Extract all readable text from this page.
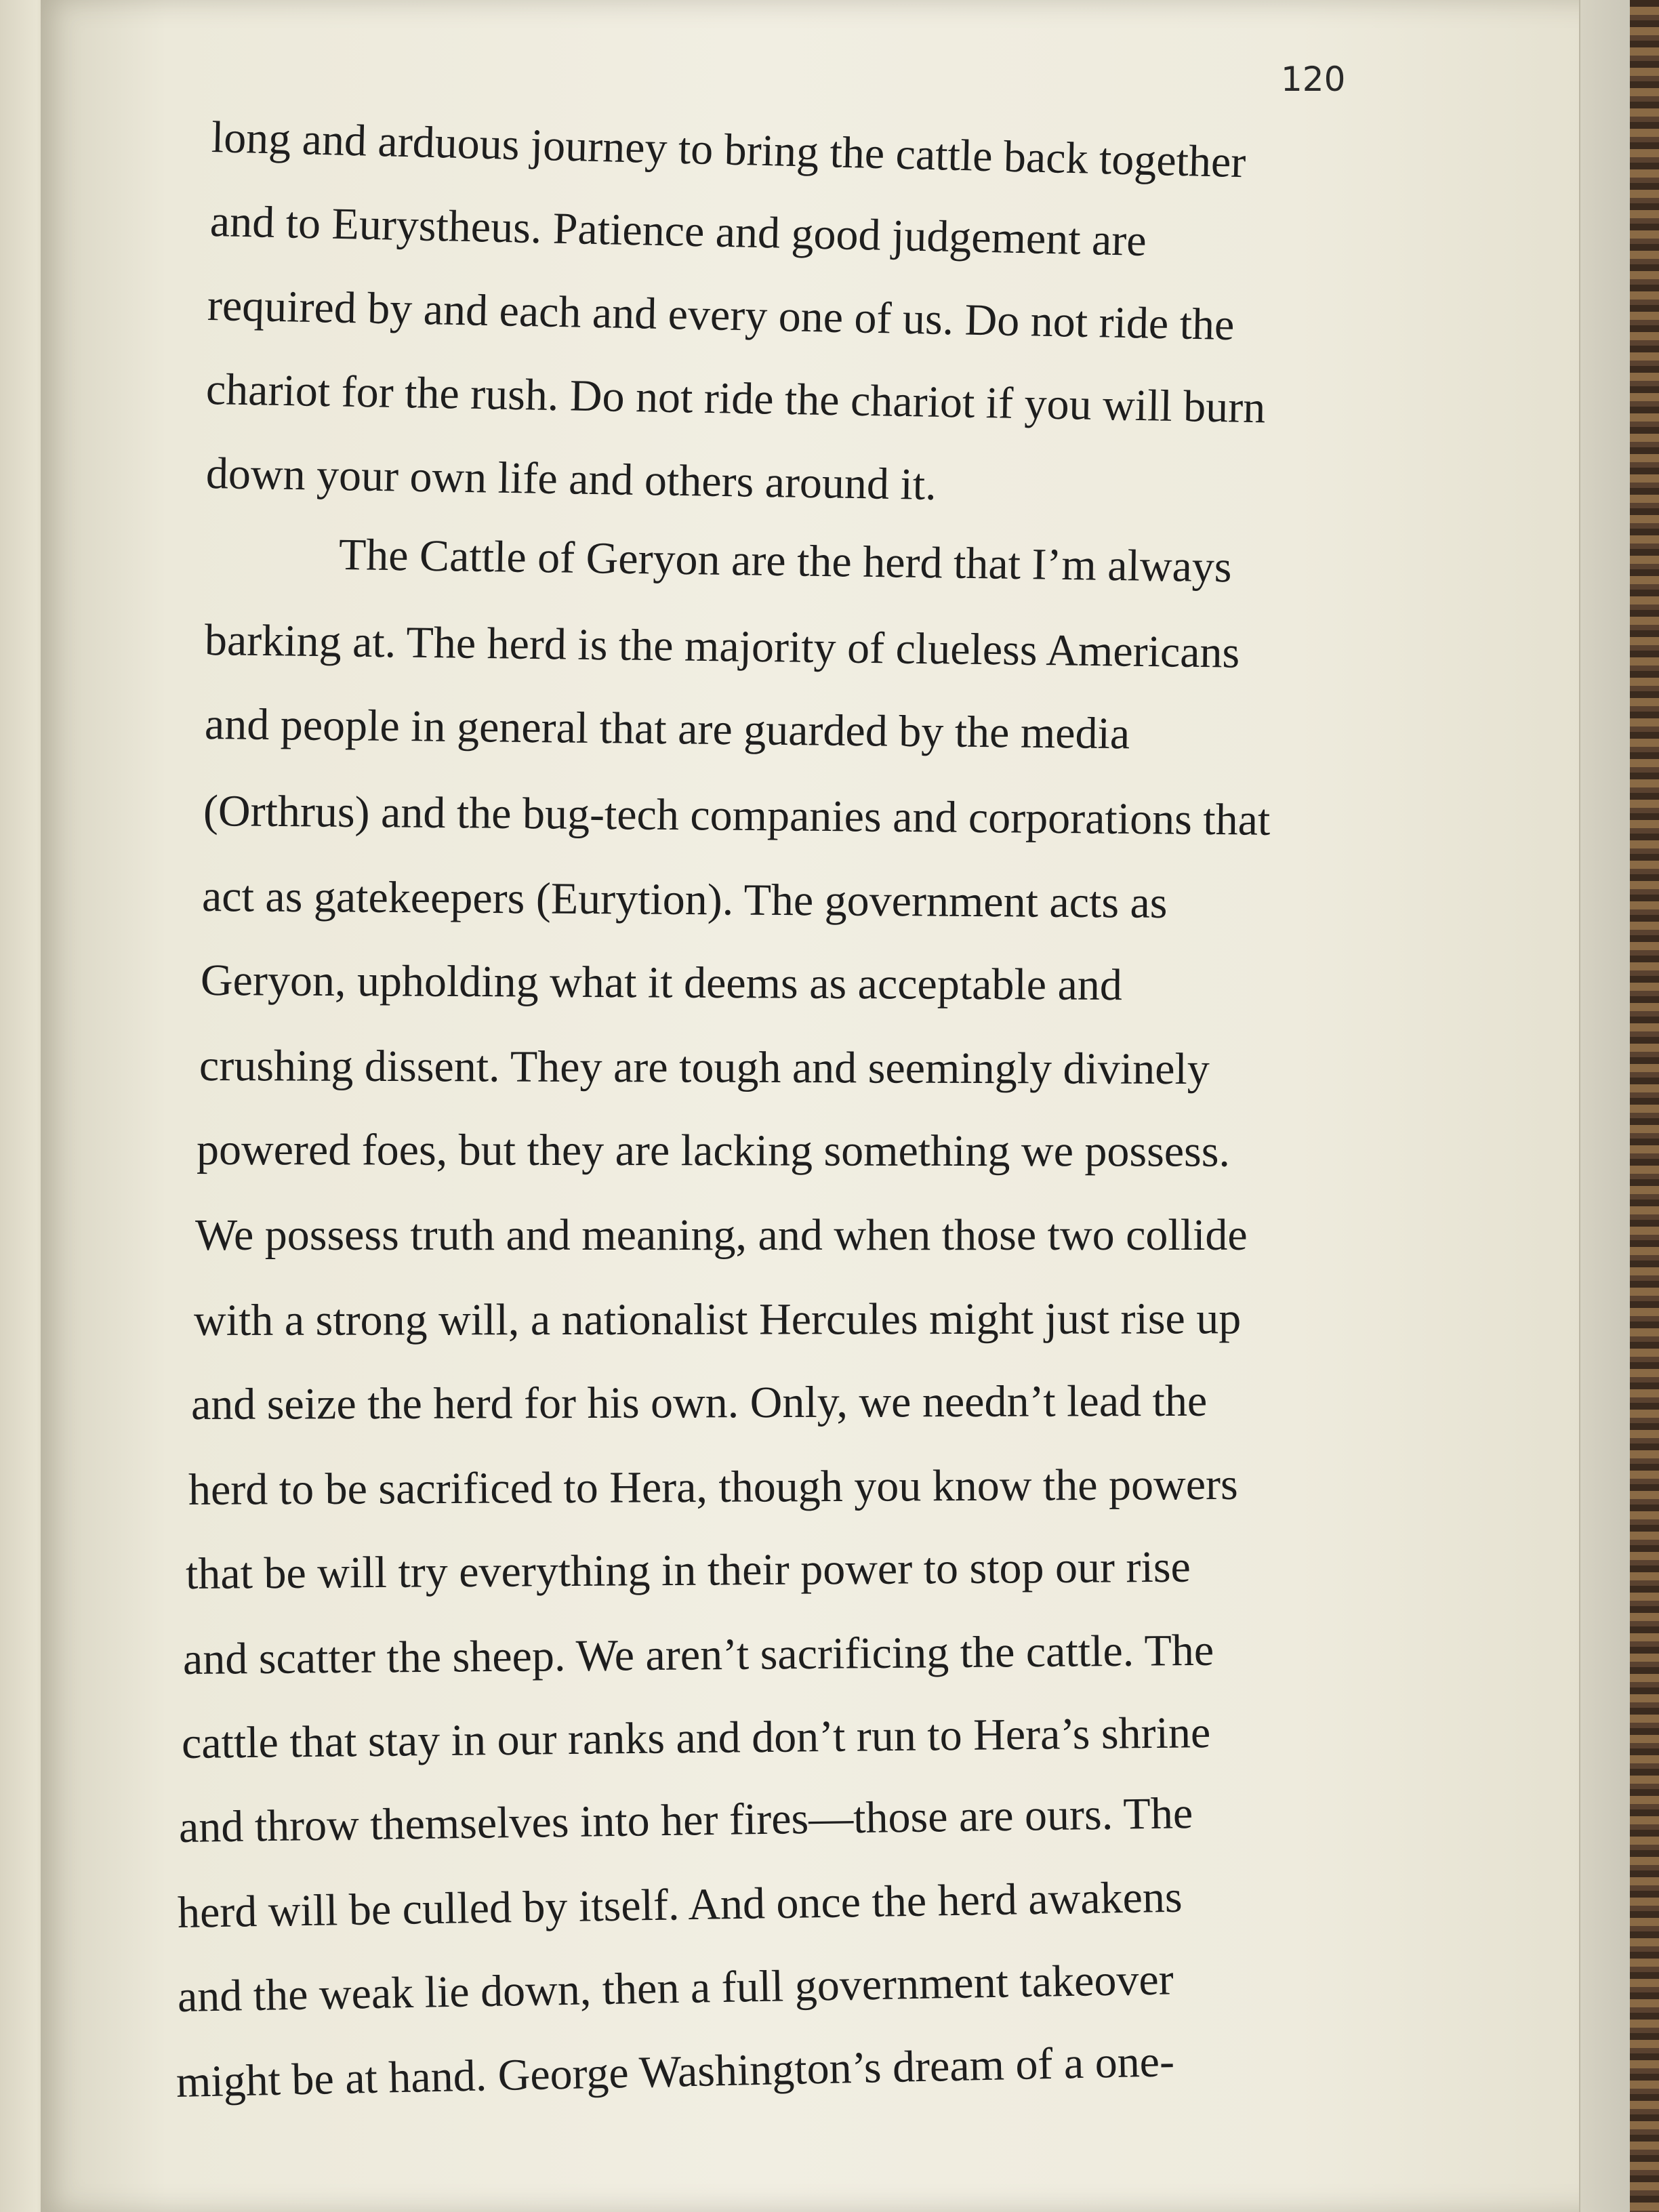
120
long and arduous journey to bring the cattle back together
and to Eurystheus. Patience and good judgement are
required by and each and every one of us. Do not ride the
chariot for the rush. Do not ride the chariot if you will burn
down your own life and others around it.
The Cattle of Geryon are the herd that I’m always
barking at. The herd is the majority of clueless Americans
and people in general that are guarded by the media
(Orthrus) and the bug-tech companies and corporations that
act as gatekeepers (Eurytion). The government acts as
Geryon, upholding what it deems as acceptable and
crushing dissent. They are tough and seemingly divinely
powered foes, but they are lacking something we possess.
We possess truth and meaning, and when those two collide
with a strong will, a nationalist Hercules might just rise up
and seize the herd for his own. Only, we needn’t lead the
herd to be sacrificed to Hera, though you know the powers
that be will try everything in their power to stop our rise
and scatter the sheep. We aren’t sacrificing the cattle. The
cattle that stay in our ranks and don’t run to Hera’s shrine
and throw themselves into her fires—those are ours. The
herd will be culled by itself. And once the herd awakens
and the weak lie down, then a full government takeover
might be at hand. George Washington’s dream of a one-
